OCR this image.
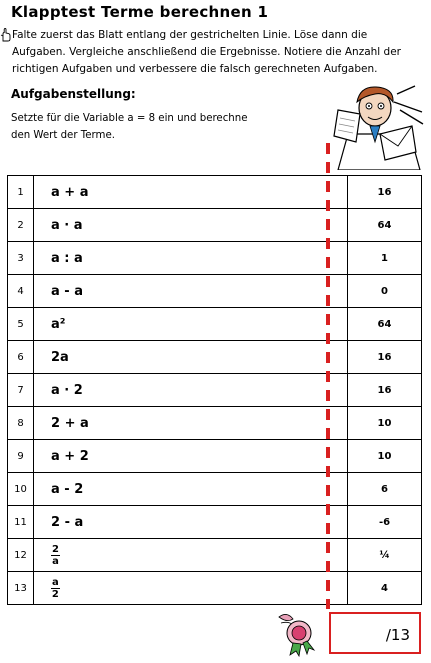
Klapptest Terme berechnen 1
Falte zuerst das Blatt entlang der gestrichelten Linie. Löse dann die Aufgaben. Vergleiche anschließend die Ergebnisse. Notiere die Anzahl der richtigen Aufgaben und verbessere die falsch gerechneten Aufgaben.
Aufgabenstellung:
Setzte für die Variable a = 8 ein und berechne den Wert der Terme.
1	a + a	16
2	a · a	64
3	a : a	1
4	a - a	0
5	a²	64
6	2a	16
7	a · 2	16
8	2 + a	10
9	a + 2	10
10	a - 2	6
11	2 - a	-6
12	$\frac{2}{a}$	¼
13	$\frac{a}{2}$	4
/13
